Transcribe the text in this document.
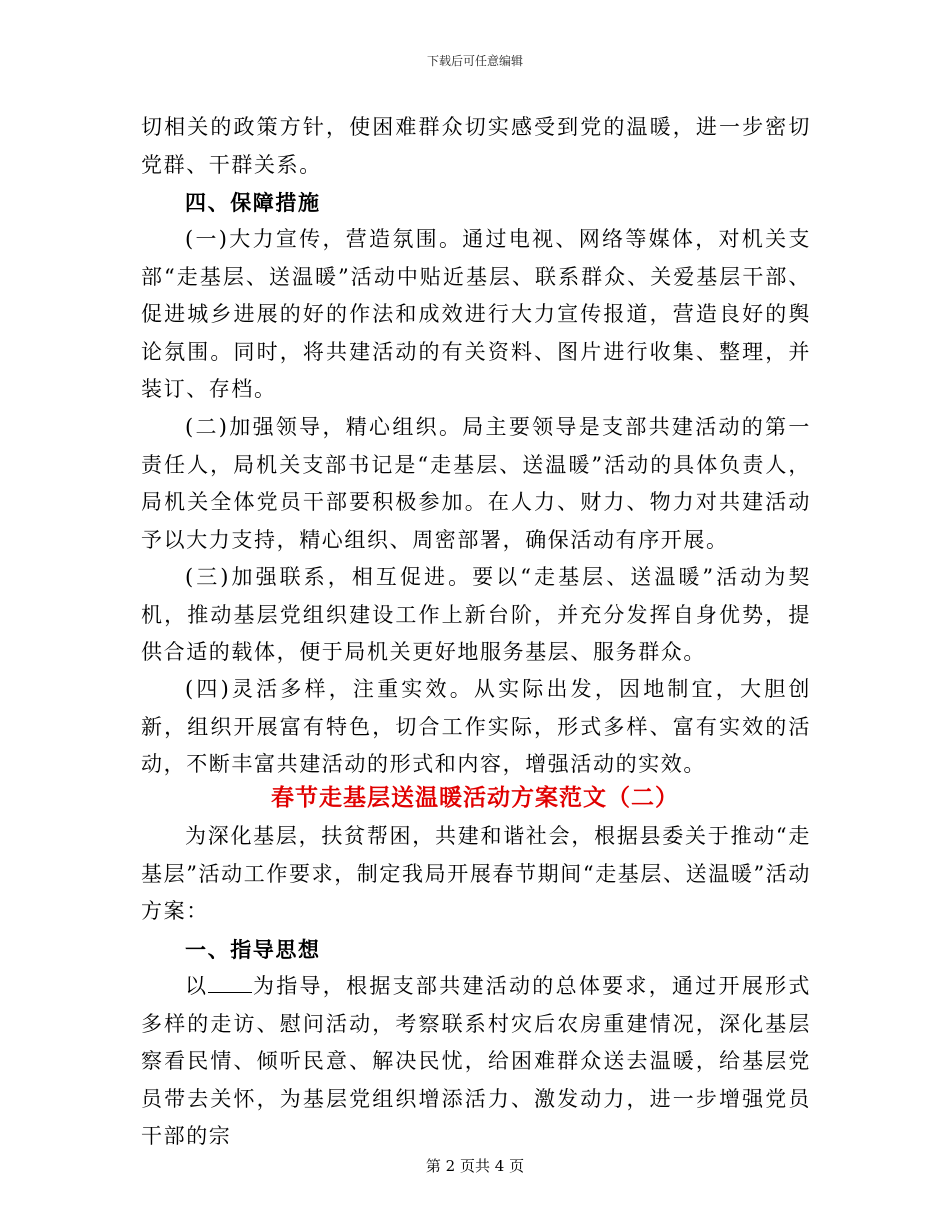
下载后可任意编辑
切相关的政策方针，使困难群众切实感受到党的温暖，进一步密切党群、干群关系。
四、保障措施
(一)大力宣传，营造氛围。通过电视、网络等媒体，对机关支部“走基层、送温暖”活动中贴近基层、联系群众、关爱基层干部、促进城乡进展的好的作法和成效进行大力宣传报道，营造良好的舆论氛围。同时，将共建活动的有关资料、图片进行收集、整理，并装订、存档。
(二)加强领导，精心组织。局主要领导是支部共建活动的第一责任人，局机关支部书记是“走基层、送温暖”活动的具体负责人，局机关全体党员干部要积极参加。在人力、财力、物力对共建活动予以大力支持，精心组织、周密部署，确保活动有序开展。
(三)加强联系，相互促进。要以“走基层、送温暖”活动为契机，推动基层党组织建设工作上新台阶，并充分发挥自身优势，提供合适的载体，便于局机关更好地服务基层、服务群众。
(四)灵活多样，注重实效。从实际出发，因地制宜，大胆创新，组织开展富有特色，切合工作实际，形式多样、富有实效的活动，不断丰富共建活动的形式和内容，增强活动的实效。
春节走基层送温暖活动方案范文（二）
为深化基层，扶贫帮困，共建和谐社会，根据县委关于推动“走基层”活动工作要求，制定我局开展春节期间“走基层、送温暖”活动方案：
一、指导思想
以 为指导，根据支部共建活动的总体要求，通过开展形式多样的走访、慰问活动，考察联系村灾后农房重建情况，深化基层察看民情、倾听民意、解决民忧，给困难群众送去温暖，给基层党员带去关怀，为基层党组织增添活力、激发动力，进一步增强党员干部的宗
第 2 页共 4 页
